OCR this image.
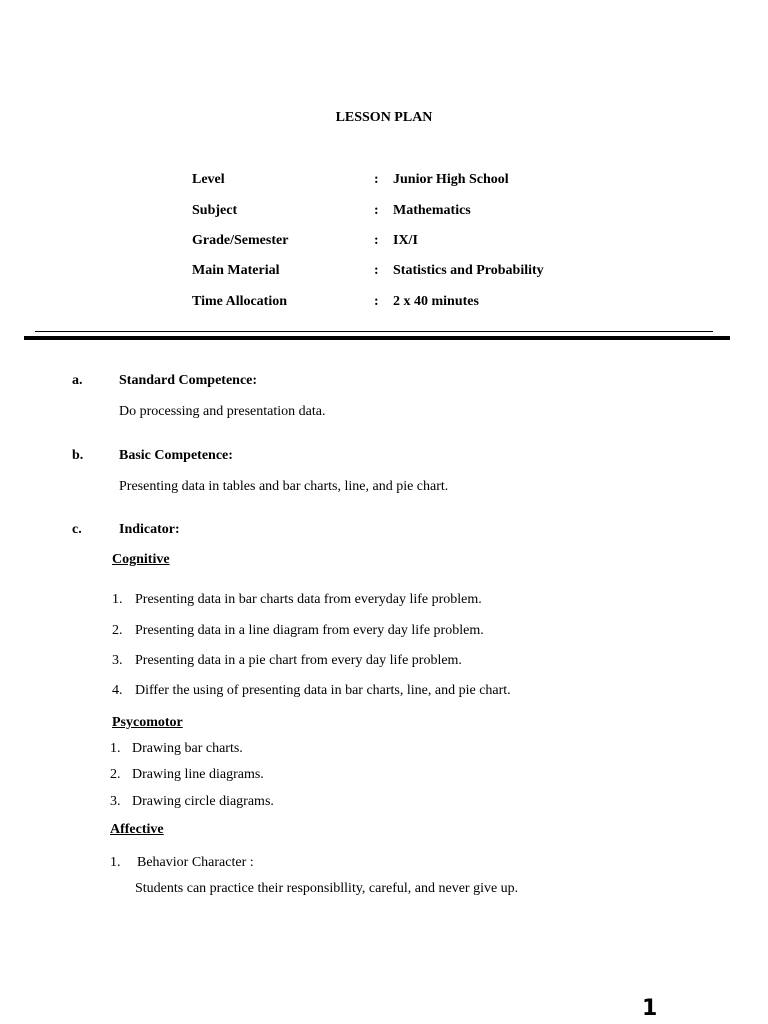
LESSON PLAN
Level	: Junior High School
Subject	: Mathematics
Grade/Semester	: IX/I
Main Material	: Statistics and Probability
Time Allocation	: 2 x 40 minutes
a.	Standard Competence:
Do processing and presentation data.
b.	Basic Competence:
Presenting data in tables and bar charts, line, and pie chart.
c.	Indicator:
Cognitive
1. Presenting data in bar charts data from everyday life problem.
2. Presenting data in a line diagram from every day life problem.
3. Presenting data in a pie chart from every day life problem.
4. Differ the using of presenting data in bar charts, line, and pie chart.
Psycomotor
1. Drawing bar charts.
2. Drawing line diagrams.
3. Drawing circle diagrams.
Affective
1. Behavior Character :
Students can practice their responsibllity, careful, and never give up.
1
